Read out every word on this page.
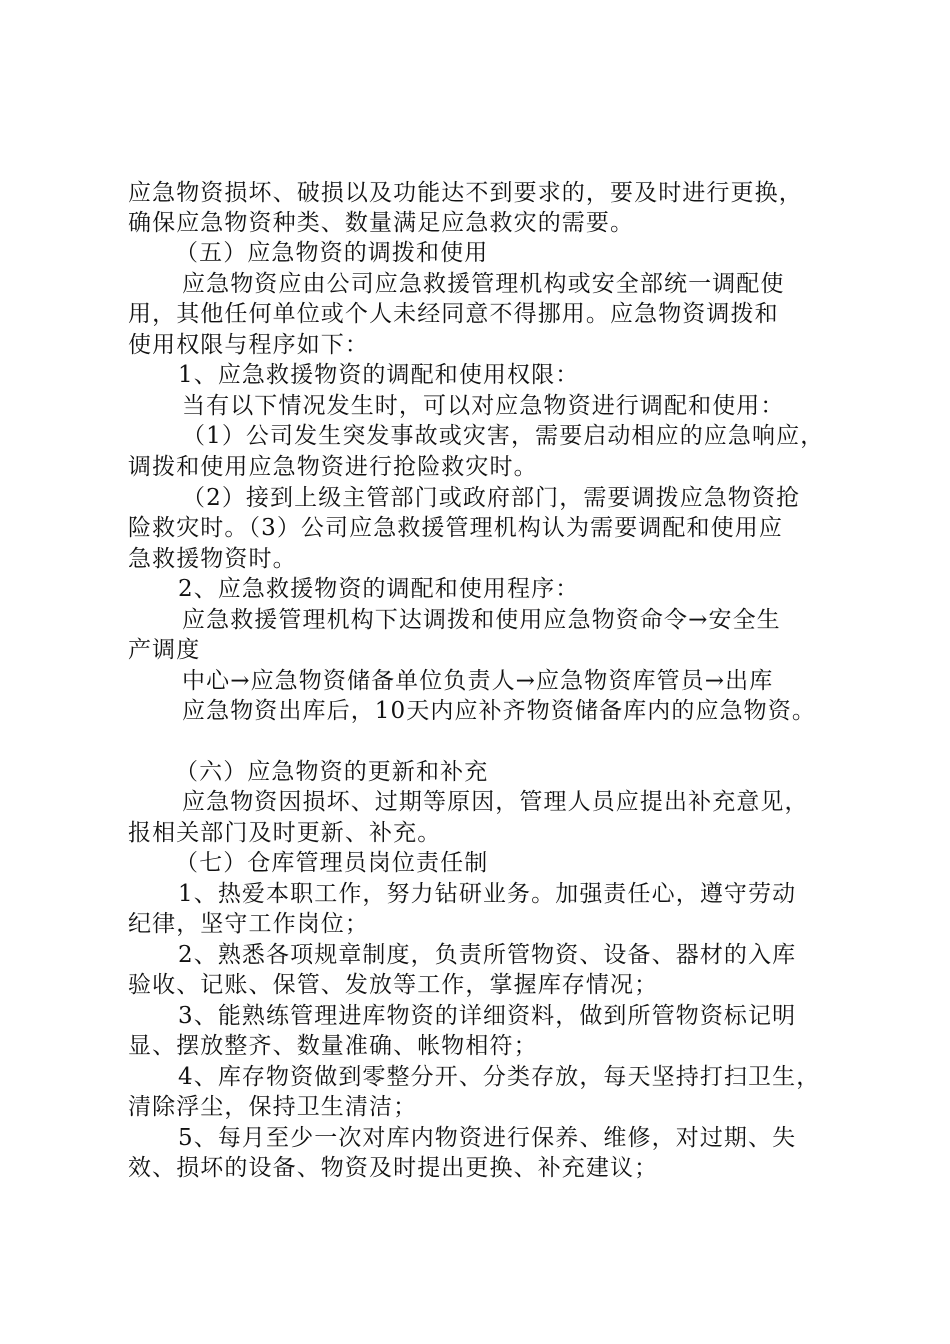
应急物资损坏、破损以及功能达不到要求的，要及时进行更换，
确保应急物资种类、数量满足应急救灾的需要。
（五）应急物资的调拨和使用
应急物资应由公司应急救援管理机构或安全部统一调配使
用，其他任何单位或个人未经同意不得挪用。应急物资调拨和
使用权限与程序如下：
1、应急救援物资的调配和使用权限：
当有以下情况发生时，可以对应急物资进行调配和使用：
（1）公司发生突发事故或灾害，需要启动相应的应急响应，
调拨和使用应急物资进行抢险救灾时。
（2）接到上级主管部门或政府部门，需要调拨应急物资抢
险救灾时。（3）公司应急救援管理机构认为需要调配和使用应
急救援物资时。
2、应急救援物资的调配和使用程序：
应急救援管理机构下达调拨和使用应急物资命令→安全生
产调度
中心→应急物资储备单位负责人→应急物资库管员→出库
应急物资出库后，10天内应补齐物资储备库内的应急物资。
（六）应急物资的更新和补充
应急物资因损坏、过期等原因，管理人员应提出补充意见，
报相关部门及时更新、补充。
（七）仓库管理员岗位责任制
1、热爱本职工作，努力钻研业务。加强责任心，遵守劳动
纪律，坚守工作岗位；
2、熟悉各项规章制度，负责所管物资、设备、器材的入库
验收、记账、保管、发放等工作，掌握库存情况；
3、能熟练管理进库物资的详细资料，做到所管物资标记明
显、摆放整齐、数量准确、帐物相符；
4、库存物资做到零整分开、分类存放，每天坚持打扫卫生，
清除浮尘，保持卫生清洁；
5、每月至少一次对库内物资进行保养、维修，对过期、失
效、损坏的设备、物资及时提出更换、补充建议；
